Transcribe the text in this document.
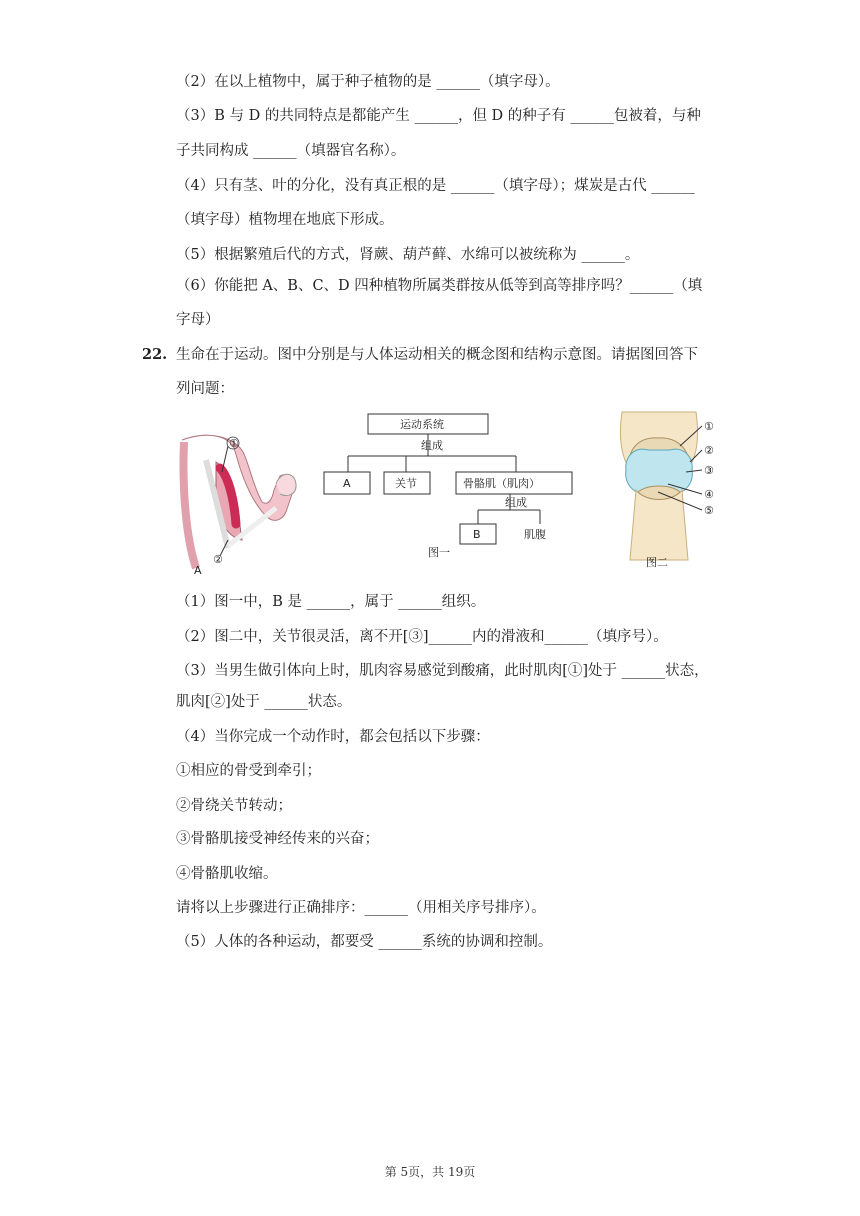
（2）在以上植物中，属于种子植物的是 ______（填字母）。
（3）B 与 D 的共同特点是都能产生 ______，但 D 的种子有 ______包被着，与种
子共同构成 ______（填器官名称）。
（4）只有茎、叶的分化，没有真正根的是 ______（填字母）；煤炭是古代 ______
（填字母）植物埋在地底下形成。
（5）根据繁殖后代的方式，肾蕨、葫芦藓、水绵可以被统称为 ______。
（6）你能把 A、B、C、D 四种植物所属类群按从低等到高等排序吗？______（填
字母）
22. 生命在于运动。图中分别是与人体运动相关的概念图和结构示意图。请据图回答下
列问题：
①
②
A
运动系统
组成
A	关节	骨骼肌（肌肉）
组成
B	肌腹
图一
①
②
③
④
⑤
图二
（1）图一中，B 是 ______，属于 ______组织。
（2）图二中，关节很灵活，离不开[③]______内的滑液和______（填序号）。
（3）当男生做引体向上时，肌肉容易感觉到酸痛，此时肌肉[①]处于 ______状态，
肌肉[②]处于 ______状态。
（4）当你完成一个动作时，都会包括以下步骤：
①相应的骨受到牵引；
②骨绕关节转动；
③骨骼肌接受神经传来的兴奋；
④骨骼肌收缩。
请将以上步骤进行正确排序：______（用相关序号排序）。
（5）人体的各种运动，都要受 ______系统的协调和控制。
第 5页，共 19页
